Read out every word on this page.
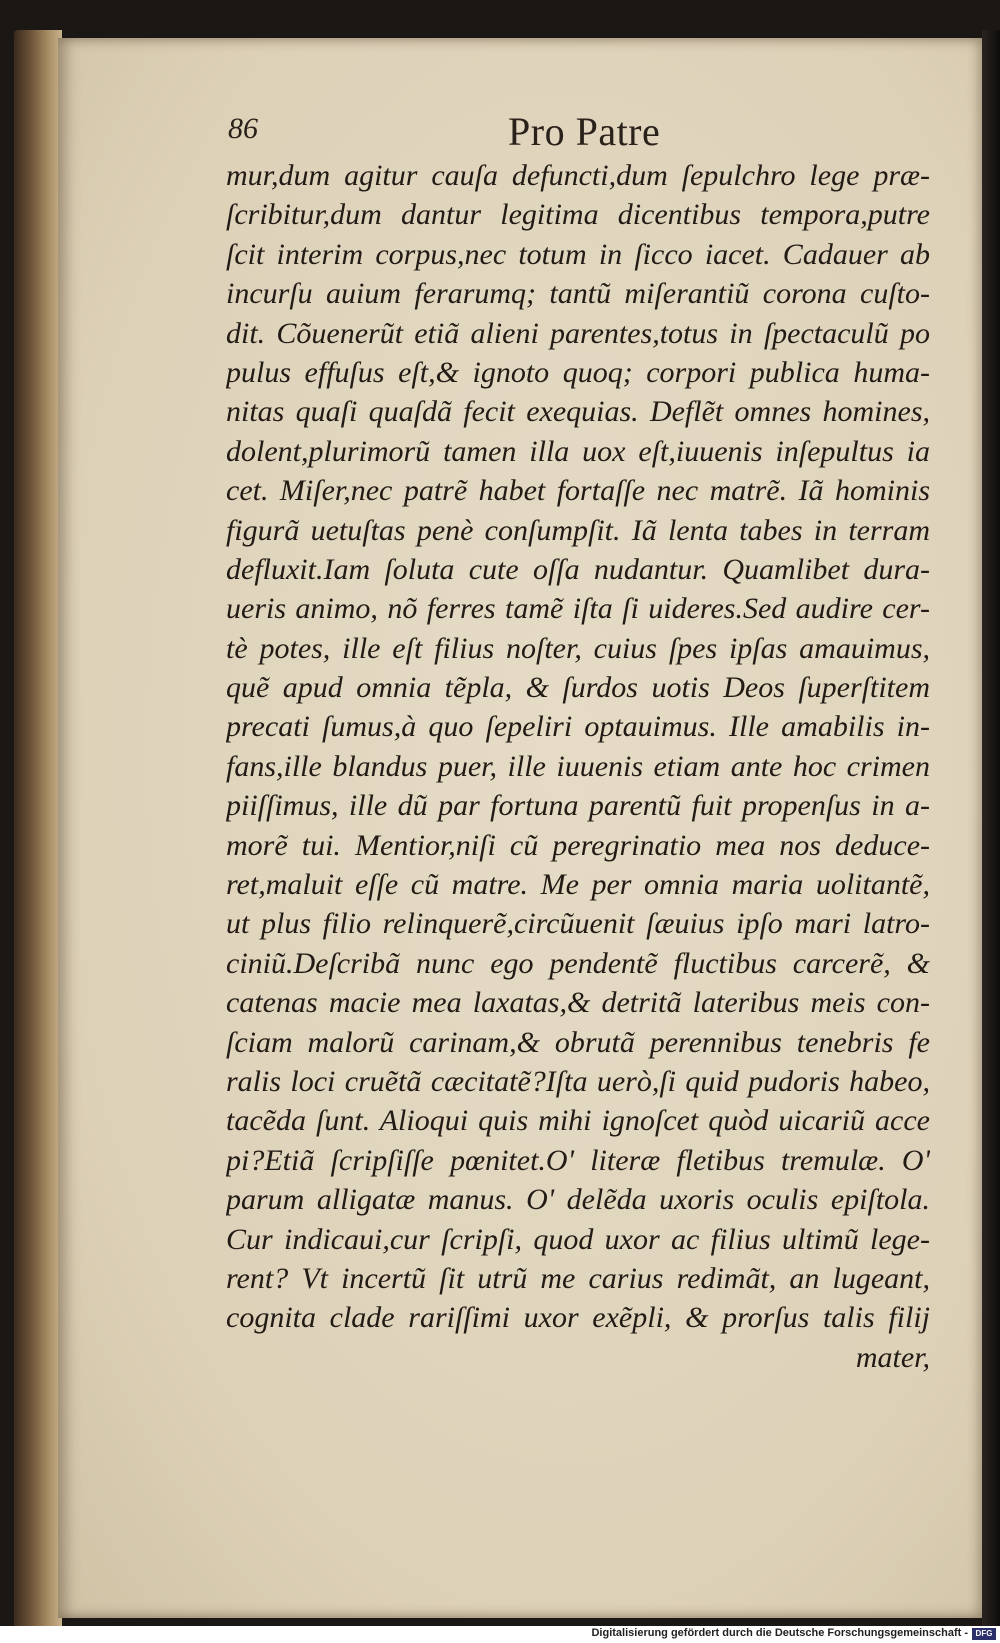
86	Pro Patre
mur,dum agitur cauſa defuncti,dum ſepulchro lege præ-
ſcribitur,dum dantur legitima dicentibus tempora,putre
ſcit interim corpus,nec totum in ſicco iacet. Cadauer ab
incurſu auium ferarumq; tantũ miſerantiũ corona cuſto-
dit. Cõuenerũt etiã alieni parentes,totus in ſpectaculũ po
pulus effuſus eſt,& ignoto quoq; corpori publica huma-
nitas quaſi quaſdã fecit exequias. Deflẽt omnes homines,
dolent,plurimorũ tamen illa uox eſt,iuuenis inſepultus ia
cet. Miſer,nec patrẽ habet fortaſſe nec matrẽ. Iã hominis
figurã uetuſtas penè conſumpſit. Iã lenta tabes in terram
defluxit.Iam ſoluta cute oſſa nudantur. Quamlibet dura-
ueris animo, nõ ferres tamẽ iſta ſi uideres.Sed audire cer-
tè potes, ille eſt filius noſter, cuius ſpes ipſas amauimus,
quẽ apud omnia tẽpla, & ſurdos uotis Deos ſuperſtitem
precati ſumus,à quo ſepeliri optauimus. Ille amabilis in-
fans,ille blandus puer, ille iuuenis etiam ante hoc crimen
piiſſimus, ille dũ par fortuna parentũ fuit propenſus in a-
morẽ tui. Mentior,niſi cũ peregrinatio mea nos deduce-
ret,maluit eſſe cũ matre. Me per omnia maria uolitantẽ,
ut plus filio relinquerẽ,circũuenit ſæuius ipſo mari latro-
ciniũ.Deſcribã nunc ego pendentẽ fluctibus carcerẽ, &
catenas macie mea laxatas,& detritã lateribus meis con-
ſciam malorũ carinam,& obrutã perennibus tenebris fe
ralis loci cruẽtã cæcitatẽ?Iſta uerò,ſi quid pudoris habeo,
tacẽda ſunt. Alioqui quis mihi ignoſcet quòd uicariũ acce
pi?Etiã ſcripſiſſe pœnitet.O' literæ fletibus tremulæ. O'
parum alligatæ manus. O' delẽda uxoris oculis epiſtola.
Cur indicaui,cur ſcripſi, quod uxor ac filius ultimũ lege-
rent? Vt incertũ ſit utrũ me carius redimãt, an lugeant,
cognita clade rariſſimi uxor exẽpli, & prorſus talis filij
mater,
Digitalisierung gefördert durch die Deutsche Forschungsgemeinschaft - DFG
